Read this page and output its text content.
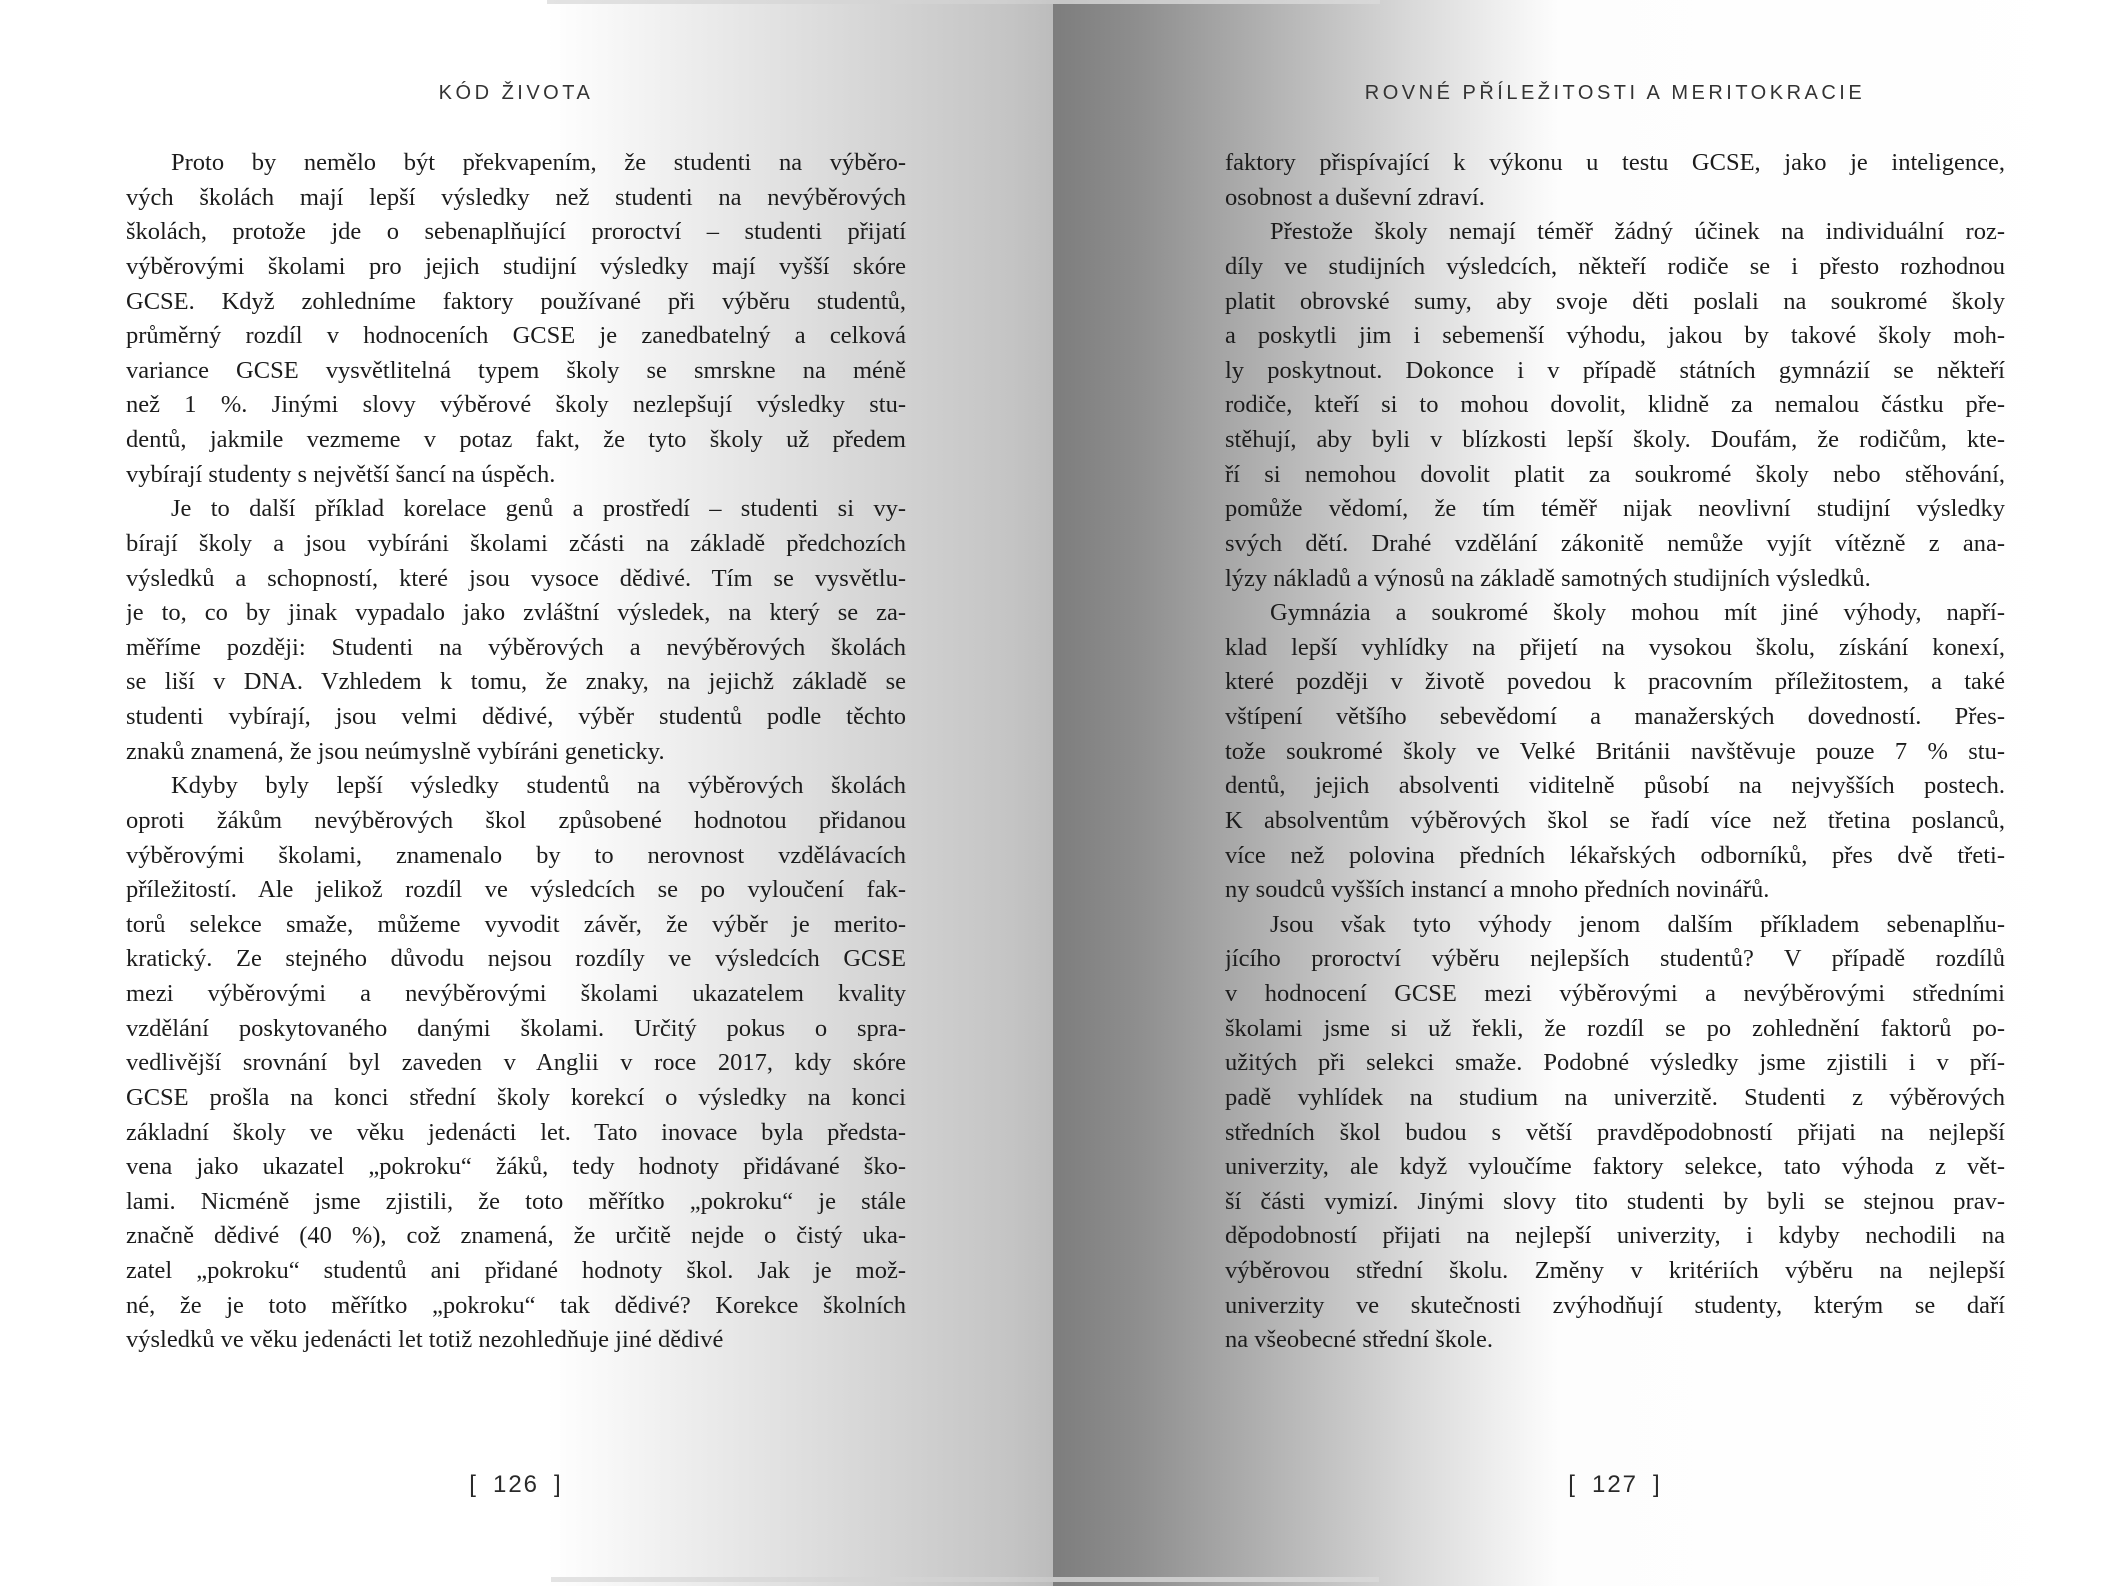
KÓD ŽIVOTA	ROVNÉ PŘÍLEŽITOSTI A MERITOKRACIE
Proto by nemělo být překvapením, že studenti na výběro-
vých školách mají lepší výsledky než studenti na nevýběrových
školách, protože jde o sebenaplňující proroctví – studenti přijatí
výběrovými školami pro jejich studijní výsledky mají vyšší skóre
GCSE. Když zohledníme faktory používané při výběru studentů,
průměrný rozdíl v hodnoceních GCSE je zanedbatelný a celková
variance GCSE vysvětlitelná typem školy se smrskne na méně
než 1 %. Jinými slovy výběrové školy nezlepšují výsledky stu-
dentů, jakmile vezmeme v potaz fakt, že tyto školy už předem
vybírají studenty s největší šancí na úspěch.
Je to další příklad korelace genů a prostředí – studenti si vy-
bírají školy a jsou vybíráni školami zčásti na základě předchozích
výsledků a schopností, které jsou vysoce dědivé. Tím se vysvětlu-
je to, co by jinak vypadalo jako zvláštní výsledek, na který se za-
měříme později: Studenti na výběrových a nevýběrových školách
se liší v DNA. Vzhledem k tomu, že znaky, na jejichž základě se
studenti vybírají, jsou velmi dědivé, výběr studentů podle těchto
znaků znamená, že jsou neúmyslně vybíráni geneticky.
Kdyby byly lepší výsledky studentů na výběrových školách
oproti žákům nevýběrových škol způsobené hodnotou přidanou
výběrovými školami, znamenalo by to nerovnost vzdělávacích
příležitostí. Ale jelikož rozdíl ve výsledcích se po vyloučení fak-
torů selekce smaže, můžeme vyvodit závěr, že výběr je merito-
kratický. Ze stejného důvodu nejsou rozdíly ve výsledcích GCSE
mezi výběrovými a nevýběrovými školami ukazatelem kvality
vzdělání poskytovaného danými školami. Určitý pokus o spra-
vedlivější srovnání byl zaveden v Anglii v roce 2017, kdy skóre
GCSE prošla na konci střední školy korekcí o výsledky na konci
základní školy ve věku jedenácti let. Tato inovace byla předsta-
vena jako ukazatel „pokroku“ žáků, tedy hodnoty přidávané ško-
lami. Nicméně jsme zjistili, že toto měřítko „pokroku“ je stále
značně dědivé (40 %), což znamená, že určitě nejde o čistý uka-
zatel „pokroku“ studentů ani přidané hodnoty škol. Jak je mož-
né, že je toto měřítko „pokroku“ tak dědivé? Korekce školních
výsledků ve věku jedenácti let totiž nezohledňuje jiné dědivé
faktory přispívající k výkonu u testu GCSE, jako je inteligence,
osobnost a duševní zdraví.
Přestože školy nemají téměř žádný účinek na individuální roz-
díly ve studijních výsledcích, někteří rodiče se i přesto rozhodnou
platit obrovské sumy, aby svoje děti poslali na soukromé školy
a poskytli jim i sebemenší výhodu, jakou by takové školy moh-
ly poskytnout. Dokonce i v případě státních gymnázií se někteří
rodiče, kteří si to mohou dovolit, klidně za nemalou částku pře-
stěhují, aby byli v blízkosti lepší školy. Doufám, že rodičům, kte-
ří si nemohou dovolit platit za soukromé školy nebo stěhování,
pomůže vědomí, že tím téměř nijak neovlivní studijní výsledky
svých dětí. Drahé vzdělání zákonitě nemůže vyjít vítězně z ana-
lýzy nákladů a výnosů na základě samotných studijních výsledků.
Gymnázia a soukromé školy mohou mít jiné výhody, napří-
klad lepší vyhlídky na přijetí na vysokou školu, získání konexí,
které později v životě povedou k pracovním příležitostem, a také
vštípení většího sebevědomí a manažerských dovedností. Přes-
tože soukromé školy ve Velké Británii navštěvuje pouze 7 % stu-
dentů, jejich absolventi viditelně působí na nejvyšších postech.
K absolventům výběrových škol se řadí více než třetina poslanců,
více než polovina předních lékařských odborníků, přes dvě třeti-
ny soudců vyšších instancí a mnoho předních novinářů.
Jsou však tyto výhody jenom dalším příkladem sebenaplňu-
jícího proroctví výběru nejlepších studentů? V případě rozdílů
v hodnocení GCSE mezi výběrovými a nevýběrovými středními
školami jsme si už řekli, že rozdíl se po zohlednění faktorů po-
užitých při selekci smaže. Podobné výsledky jsme zjistili i v pří-
padě vyhlídek na studium na univerzitě. Studenti z výběrových
středních škol budou s větší pravděpodobností přijati na nejlepší
univerzity, ale když vyloučíme faktory selekce, tato výhoda z vět-
ší části vymizí. Jinými slovy tito studenti by byli se stejnou prav-
děpodobností přijati na nejlepší univerzity, i kdyby nechodili na
výběrovou střední školu. Změny v kritériích výběru na nejlepší
univerzity ve skutečnosti zvýhodňují studenty, kterým se daří
na všeobecné střední škole.
[ 126 ]	[ 127 ]
